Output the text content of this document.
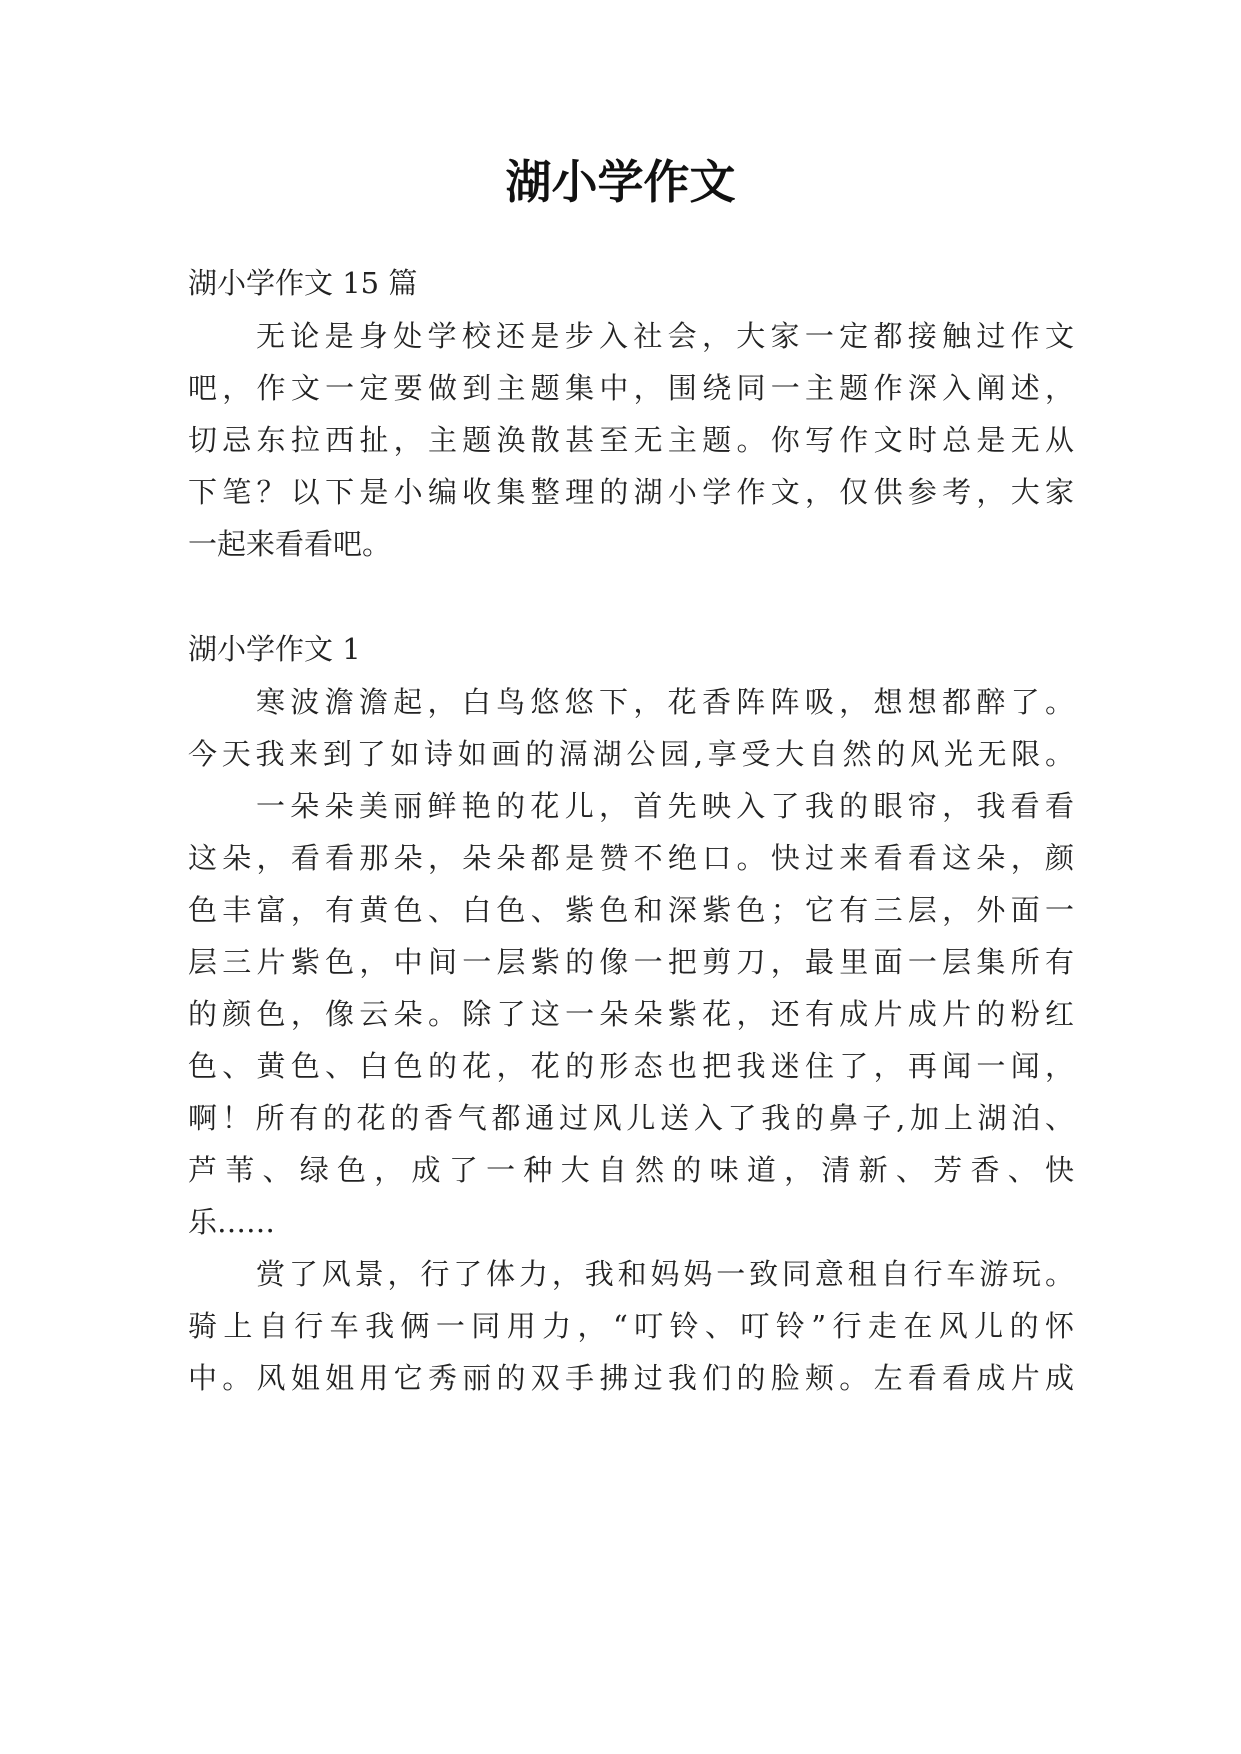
湖小学作文
湖小学作文 15 篇
无论是身处学校还是步入社会，大家一定都接触过作文
吧，作文一定要做到主题集中，围绕同一主题作深入阐述，
切忌东拉西扯，主题涣散甚至无主题。你写作文时总是无从
下笔？以下是小编收集整理的湖小学作文，仅供参考，大家
一起来看看吧。
湖小学作文 1
寒波澹澹起，白鸟悠悠下，花香阵阵吸，想想都醉了。
今天我来到了如诗如画的滆湖公园,享受大自然的风光无限。
一朵朵美丽鲜艳的花儿，首先映入了我的眼帘，我看看
这朵，看看那朵，朵朵都是赞不绝口。快过来看看这朵，颜
色丰富，有黄色、白色、紫色和深紫色；它有三层，外面一
层三片紫色，中间一层紫的像一把剪刀，最里面一层集所有
的颜色，像云朵。除了这一朵朵紫花，还有成片成片的粉红
色、黄色、白色的花，花的形态也把我迷住了，再闻一闻，
啊！所有的花的香气都通过风儿送入了我的鼻子,加上湖泊、
芦苇、绿色，成了一种大自然的味道，清新、芳香、快
乐……
赏了风景，行了体力，我和妈妈一致同意租自行车游玩。
骑上自行车我俩一同用力，“叮铃、叮铃”行走在风儿的怀
中。风姐姐用它秀丽的双手拂过我们的脸颊。左看看成片成
